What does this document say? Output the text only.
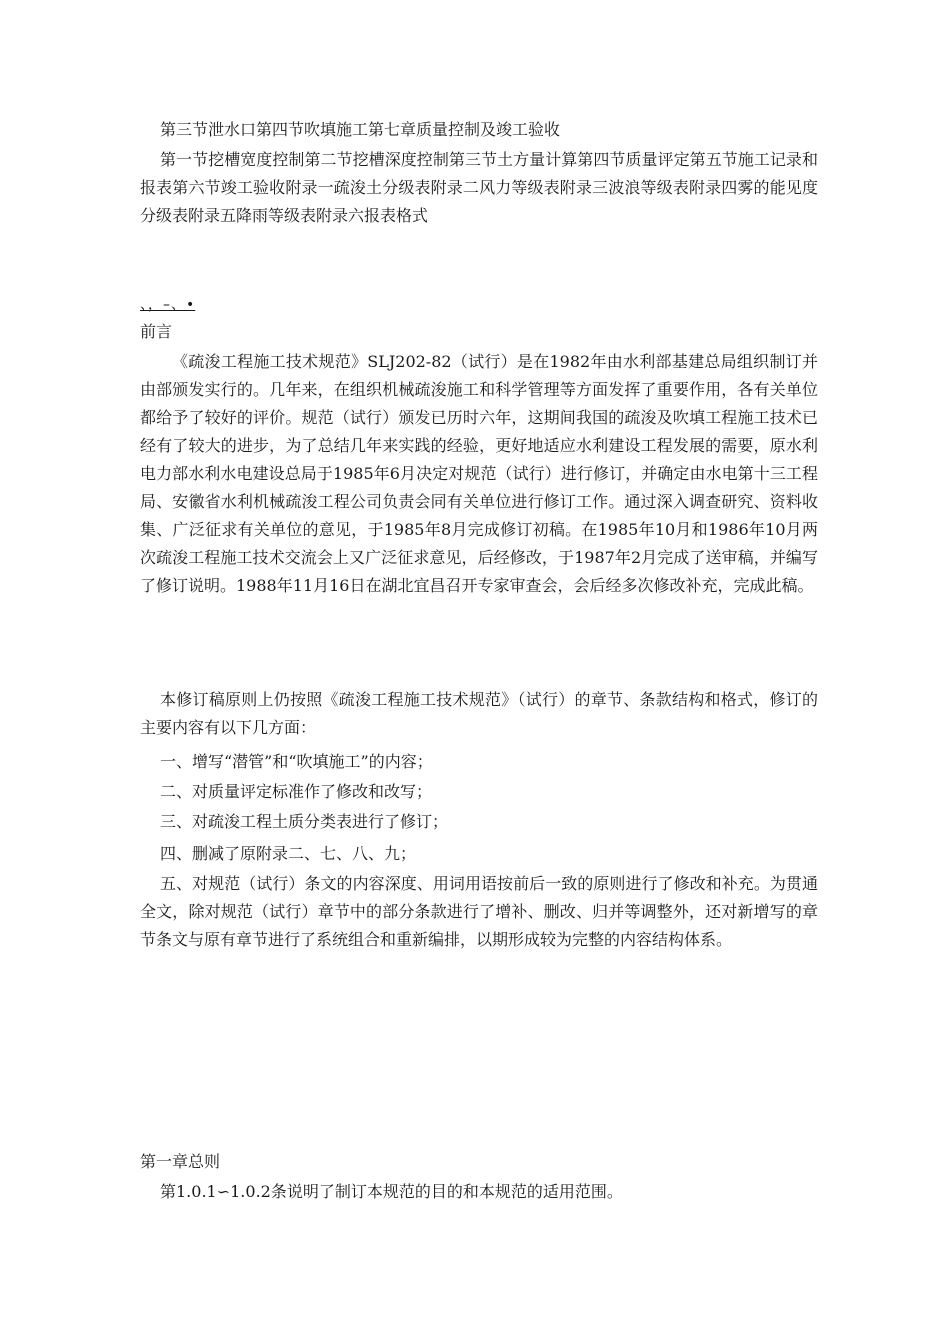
第三节泄水口第四节吹填施工第七章质量控制及竣工验收

第一节挖槽宽度控制第二节挖槽深度控制第三节土方量计算第四节质量评定第五节施工记录和报表第六节竣工验收附录一疏浚土分级表附录二风力等级表附录三波浪等级表附录四雾的能见度分级表附录五降雨等级表附录六报表格式

、，–、•

前言

《疏浚工程施工技术规范》SLJ202-82（试行）是在1982年由水利部基建总局组织制订并由部颁发实行的。几年来，在组织机械疏浚施工和科学管理等方面发挥了重要作用，各有关单位都给予了较好的评价。规范（试行）颁发已历时六年，这期间我国的疏浚及吹填工程施工技术已经有了较大的进步，为了总结几年来实践的经验，更好地适应水利建设工程发展的需要，原水利电力部水利水电建设总局于1985年6月决定对规范（试行）进行修订，并确定由水电第十三工程局、安徽省水利机械疏浚工程公司负责会同有关单位进行修订工作。通过深入调查研究、资料收集、广泛征求有关单位的意见，于1985年8月完成修订初稿。在1985年10月和1986年10月两次疏浚工程施工技术交流会上又广泛征求意见，后经修改，于1987年2月完成了送审稿，并编写了修订说明。1988年11月16日在湖北宜昌召开专家审查会，会后经多次修改补充，完成此稿。

本修订稿原则上仍按照《疏浚工程施工技术规范》（试行）的章节、条款结构和格式，修订的主要内容有以下几方面：

一、增写“潜管”和“吹填施工”的内容；

二、对质量评定标准作了修改和改写；

三、对疏浚工程土质分类表进行了修订；

四、删减了原附录二、七、八、九；

五、对规范（试行）条文的内容深度、用词用语按前后一致的原则进行了修改和补充。为贯通全文，除对规范（试行）章节中的部分条款进行了增补、删改、归并等调整外，还对新增写的章节条文与原有章节进行了系统组合和重新编排，以期形成较为完整的内容结构体系。

第一章总则

第1.0.1∽1.0.2条说明了制订本规范的目的和本规范的适用范围。
